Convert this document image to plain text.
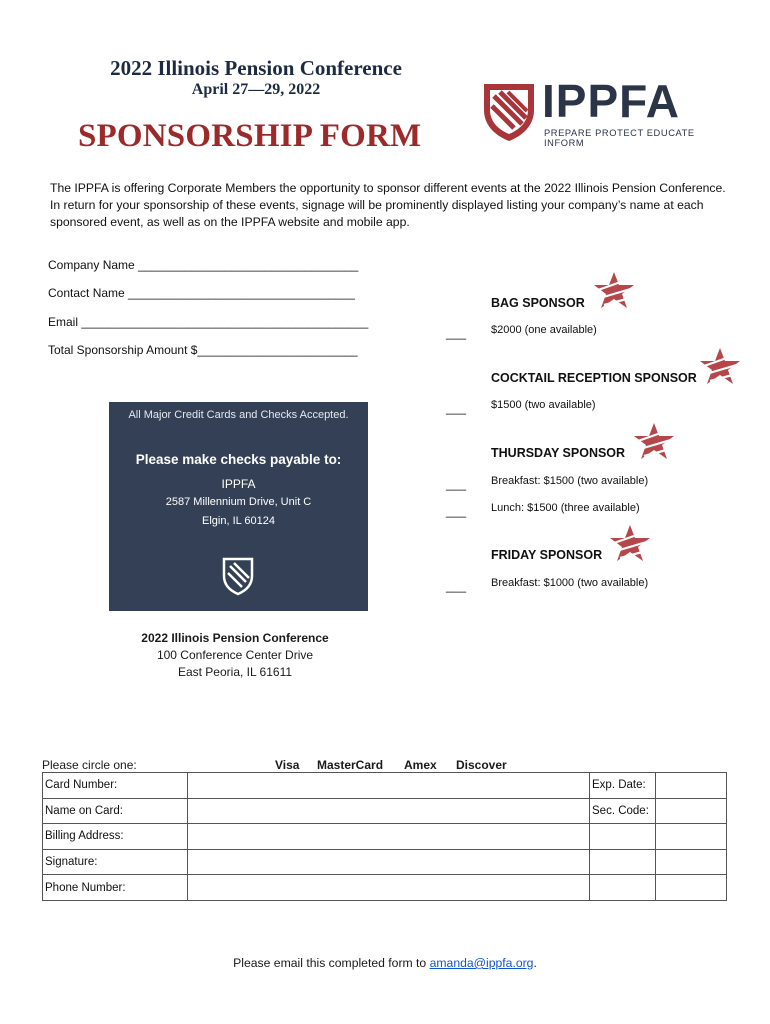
2022 Illinois Pension Conference
April 27—29, 2022
SPONSORSHIP FORM
IPPFA
PREPARE PROTECT EDUCATE INFORM
The IPPFA is offering Corporate Members the opportunity to sponsor different events at the 2022 Illinois Pension Conference. In return for your sponsorship of these events, signage will be prominently displayed listing your company’s name at each sponsored event, as well as on the IPPFA website and mobile app.
Company Name _________________________________
Contact Name __________________________________
Email ___________________________________________
Total Sponsorship Amount $________________________
BAG SPONSOR
___ $2000 (one available)
COCKTAIL RECEPTION SPONSOR
___ $1500 (two available)
THURSDAY SPONSOR
___ Breakfast: $1500 (two available)
___ Lunch: $1500 (three available)
FRIDAY SPONSOR
___ Breakfast: $1000 (two available)
All Major Credit Cards and Checks Accepted.
Please make checks payable to:
IPPFA
2587 Millennium Drive, Unit C
Elgin, IL 60124
2022 Illinois Pension Conference
100 Conference Center Drive
East Peoria, IL 61611
Please circle one:	Visa MasterCard Amex Discover
Card Number:		Exp. Date:	
Name on Card:		Sec. Code:	
Billing Address:			
Signature:			
Phone Number:			
Please email this completed form to amanda@ippfa.org.
